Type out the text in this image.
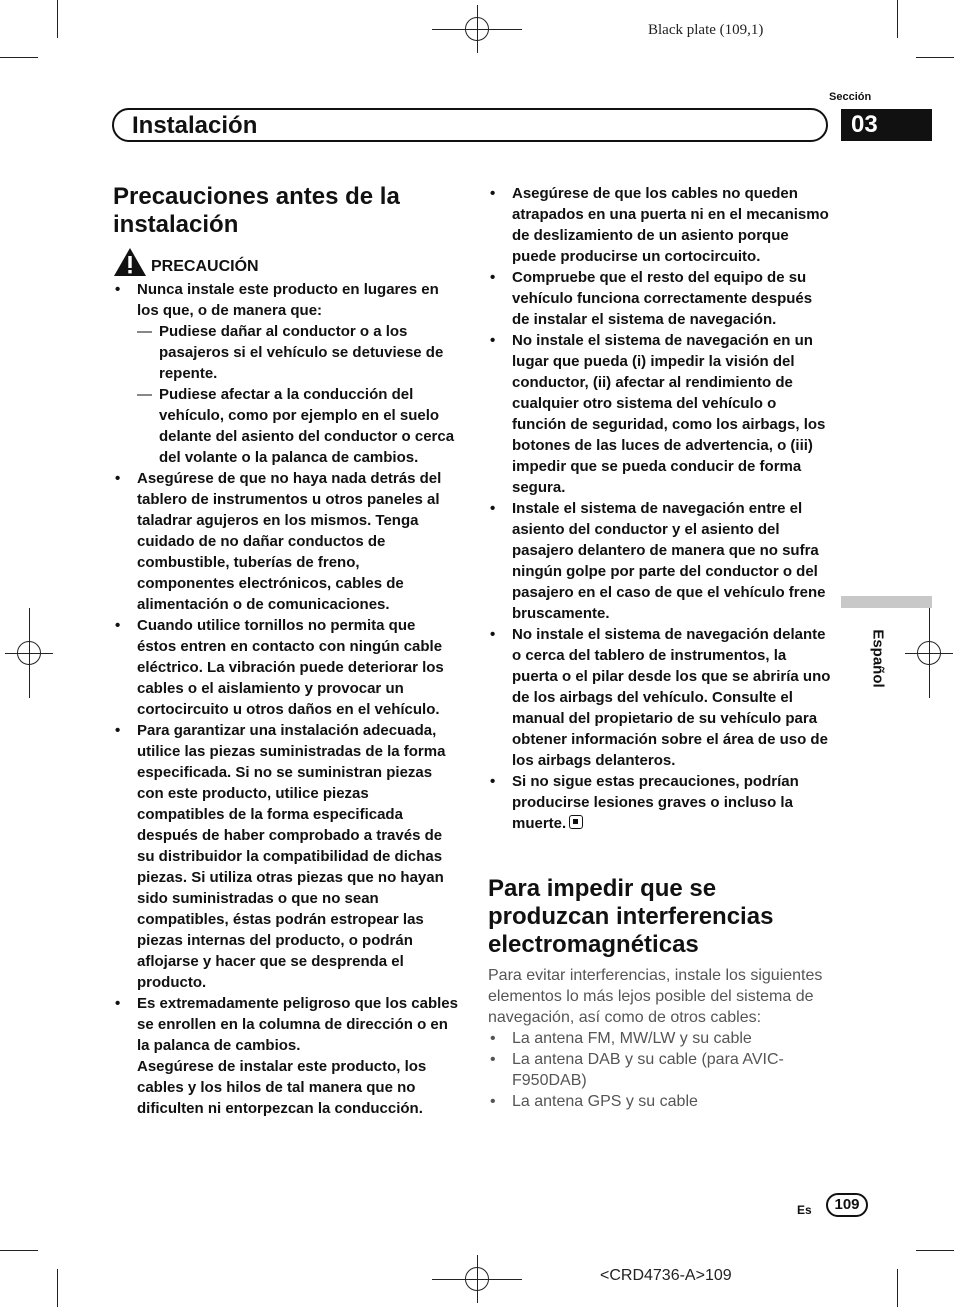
Black plate (109,1)
Sección
Instalación	03
Español
Precauciones antes de la
instalación
PRECAUCIÓN
• Nunca instale este producto en lugares en los que, o de manera que:
— Pudiese dañar al conductor o a los pasajeros si el vehículo se detuviese de repente.
— Pudiese afectar a la conducción del vehículo, como por ejemplo en el suelo delante del asiento del conductor o cerca del volante o la palanca de cambios.
• Asegúrese de que no haya nada detrás del tablero de instrumentos u otros paneles al taladrar agujeros en los mismos. Tenga cuidado de no dañar conductos de combustible, tuberías de freno, componentes electrónicos, cables de alimentación o de comunicaciones.
• Cuando utilice tornillos no permita que éstos entren en contacto con ningún cable eléctrico. La vibración puede deteriorar los cables o el aislamiento y provocar un cortocircuito u otros daños en el vehículo.
• Para garantizar una instalación adecuada, utilice las piezas suministradas de la forma especificada. Si no se suministran piezas con este producto, utilice piezas compatibles de la forma especificada después de haber comprobado a través de su distribuidor la compatibilidad de dichas piezas. Si utiliza otras piezas que no hayan sido suministradas o que no sean compatibles, éstas podrán estropear las piezas internas del producto, o podrán aflojarse y hacer que se desprenda el producto.

• Es extremadamente peligroso que los cables se enrollen en la columna de dirección o en la palanca de cambios.

Asegúrese de instalar este producto, los cables y los hilos de tal manera que no dificulten ni entorpezcan la conducción.

• Asegúrese de que los cables no queden atrapados en una puerta ni en el mecanismo de deslizamiento de un asiento porque puede producirse un cortocircuito.
• Compruebe que el resto del equipo de su vehículo funciona correctamente después de instalar el sistema de navegación.
• No instale el sistema de navegación en un lugar que pueda (i) impedir la visión del conductor, (ii) afectar al rendimiento de cualquier otro sistema del vehículo o función de seguridad, como los airbags, los botones de las luces de advertencia, o (iii) impedir que se pueda conducir de forma segura.
• Instale el sistema de navegación entre el asiento del conductor y el asiento del pasajero delantero de manera que no sufra ningún golpe por parte del conductor o del pasajero en el caso de que el vehículo frene bruscamente.
• No instale el sistema de navegación delante o cerca del tablero de instrumentos, la puerta o el pilar desde los que se abriría uno de los airbags del vehículo. Consulte el manual del propietario de su vehículo para obtener información sobre el área de uso de los airbags delanteros.
• Si no sigue estas precauciones, podrían producirse lesiones graves o incluso la muerte.
Para impedir que se
produzcan interferencias
electromagnéticas
Para evitar interferencias, instale los siguientes elementos lo más lejos posible del sistema de navegación, así como de otros cables:
• La antena FM, MW/LW y su cable
• La antena DAB y su cable (para AVIC-F950DAB)
• La antena GPS y su cable
Es	109
<CRD4736-A>109
